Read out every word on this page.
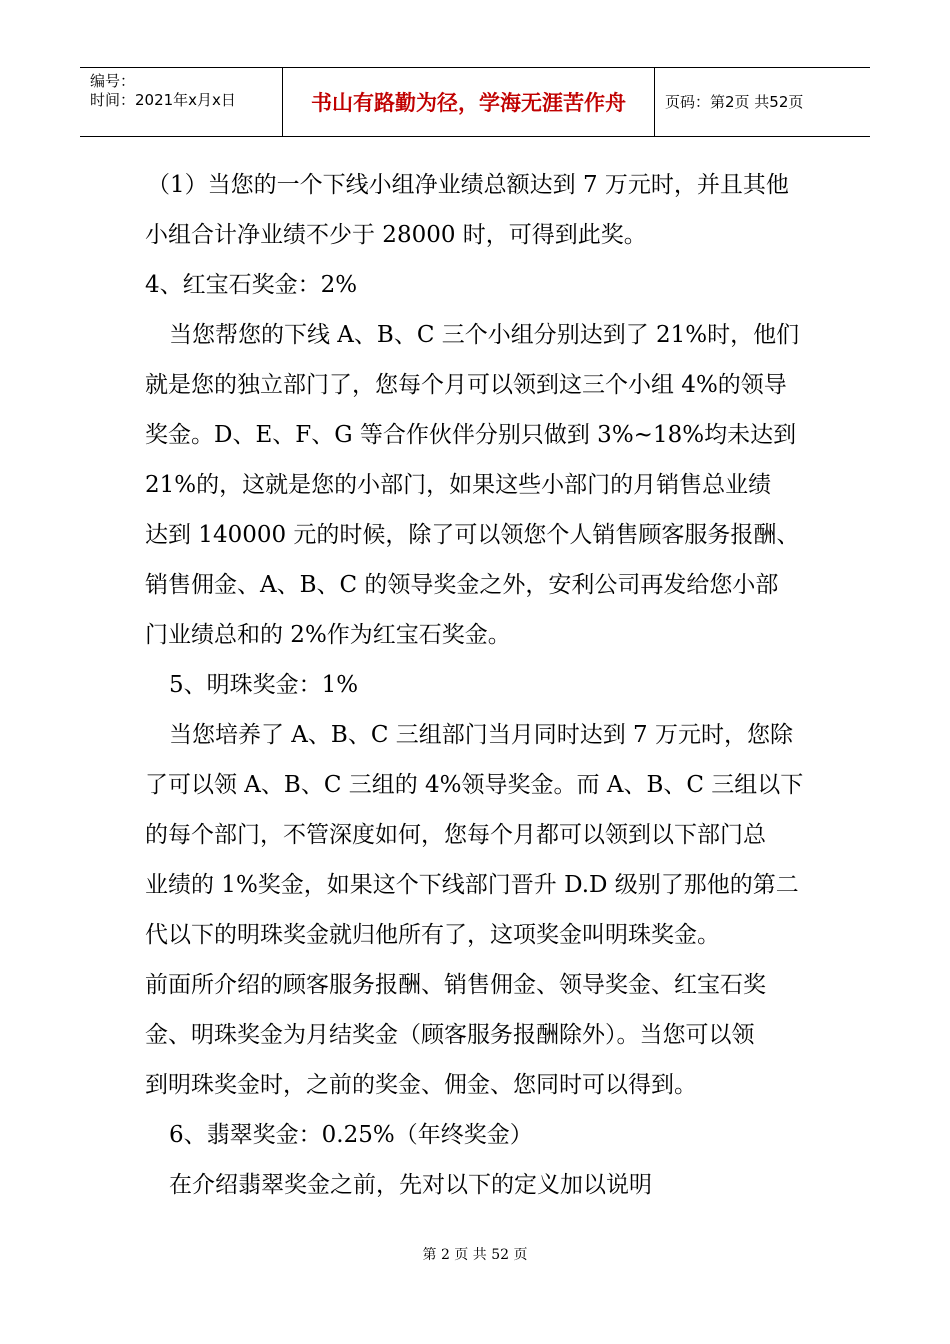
编号：
时间：2021年x月x日	书山有路勤为径，学海无涯苦作舟	页码：第2页 共52页
（1）当您的一个下线小组净业绩总额达到 7 万元时，并且其他
小组合计净业绩不少于 28000 时，可得到此奖。
4、红宝石奖金：2%
当您帮您的下线 A、B、C 三个小组分别达到了 21%时，他们
就是您的独立部门了，您每个月可以领到这三个小组 4%的领导
奖金。D、E、F、G 等合作伙伴分别只做到 3%~18%均未达到
21%的，这就是您的小部门，如果这些小部门的月销售总业绩
达到 140000 元的时候，除了可以领您个人销售顾客服务报酬、
销售佣金、A、B、C 的领导奖金之外，安利公司再发给您小部
门业绩总和的 2%作为红宝石奖金。
5、明珠奖金：1%
当您培养了 A、B、C 三组部门当月同时达到 7 万元时，您除
了可以领 A、B、C 三组的 4%领导奖金。而 A、B、C 三组以下
的每个部门，不管深度如何，您每个月都可以领到以下部门总
业绩的 1%奖金，如果这个下线部门晋升 D.D 级别了那他的第二
代以下的明珠奖金就归他所有了，这项奖金叫明珠奖金。
前面所介绍的顾客服务报酬、销售佣金、领导奖金、红宝石奖
金、明珠奖金为月结奖金（顾客服务报酬除外）。当您可以领
到明珠奖金时，之前的奖金、佣金、您同时可以得到。
6、翡翠奖金：0.25%（年终奖金）
在介绍翡翠奖金之前，先对以下的定义加以说明
第 2 页 共 52 页
